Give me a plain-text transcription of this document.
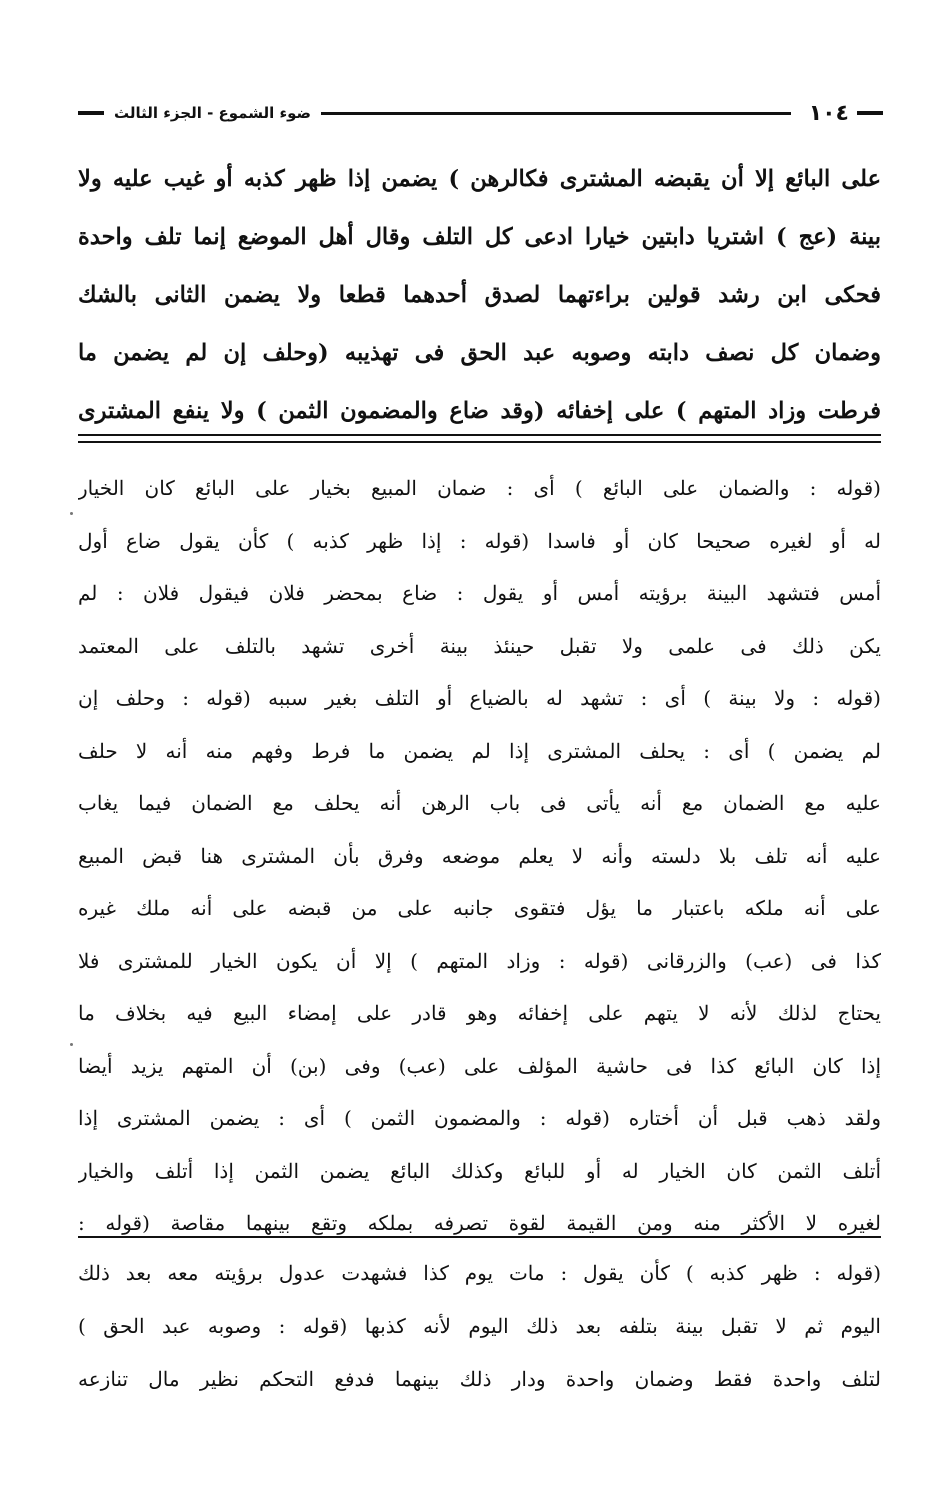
١٠٤
ضوء الشموع - الجزء الثالث
على البائع إلا أن يقبضه المشترى فكالرهن ) يضمن إذا ظهر كذبه أو غيب عليه ولا
بينة (عج ) اشتريا دابتين خيارا ادعى كل التلف وقال أهل الموضع إنما تلف واحدة
فحكى ابن رشد قولين براءتهما لصدق أحدهما قطعا ولا يضمن الثانى بالشك
وضمان كل نصف دابته وصوبه عبد الحق فى تهذيبه (وحلف إن لم يضمن ما
فرطت وزاد المتهم ) على إخفائه (وقد ضاع والمضمون الثمن ) ولا ينفع المشترى
(قوله : والضمان على البائع ) أى : ضمان المبيع بخيار على البائع كان الخيار
له أو لغيره صحيحا كان أو فاسدا (قوله : إذا ظهر كذبه ) كأن يقول ضاع أول
أمس فتشهد البينة برؤيته أمس أو يقول : ضاع بمحضر فلان فيقول فلان : لم
يكن ذلك فى علمى ولا تقبل حينئذ بينة أخرى تشهد بالتلف على المعتمد
(قوله : ولا بينة ) أى : تشهد له بالضياع أو التلف بغير سببه (قوله : وحلف إن
لم يضمن ) أى : يحلف المشترى إذا لم يضمن ما فرط وفهم منه أنه لا حلف
عليه مع الضمان مع أنه يأتى فى باب الرهن أنه يحلف مع الضمان فيما يغاب
عليه أنه تلف بلا دلسته وأنه لا يعلم موضعه وفرق بأن المشترى هنا قبض المبيع
على أنه ملكه باعتبار ما يؤل فتقوى جانبه على من قبضه على أنه ملك غيره
كذا فى (عب) والزرقانى (قوله : وزاد المتهم ) إلا أن يكون الخيار للمشترى فلا
يحتاج لذلك لأنه لا يتهم على إخفائه وهو قادر على إمضاء البيع فيه بخلاف ما
إذا كان البائع كذا فى حاشية المؤلف على (عب) وفى (بن) أن المتهم يزيد أيضا
ولقد ذهب قبل أن أختاره (قوله : والمضمون الثمن ) أى : يضمن المشترى إذا
أتلف الثمن كان الخيار له أو للبائع وكذلك البائع يضمن الثمن إذا أتلف والخيار
لغيره لا الأكثر منه ومن القيمة لقوة تصرفه بملكه وتقع بينهما مقاصة (قوله :
(قوله : ظهر كذبه ) كأن يقول : مات يوم كذا فشهدت عدول برؤيته معه بعد ذلك
اليوم ثم لا تقبل بينة بتلفه بعد ذلك اليوم لأنه كذبها (قوله : وصوبه عبد الحق )
لتلف واحدة فقط وضمان واحدة ودار ذلك بينهما فدفع التحكم نظير مال تنازعه
